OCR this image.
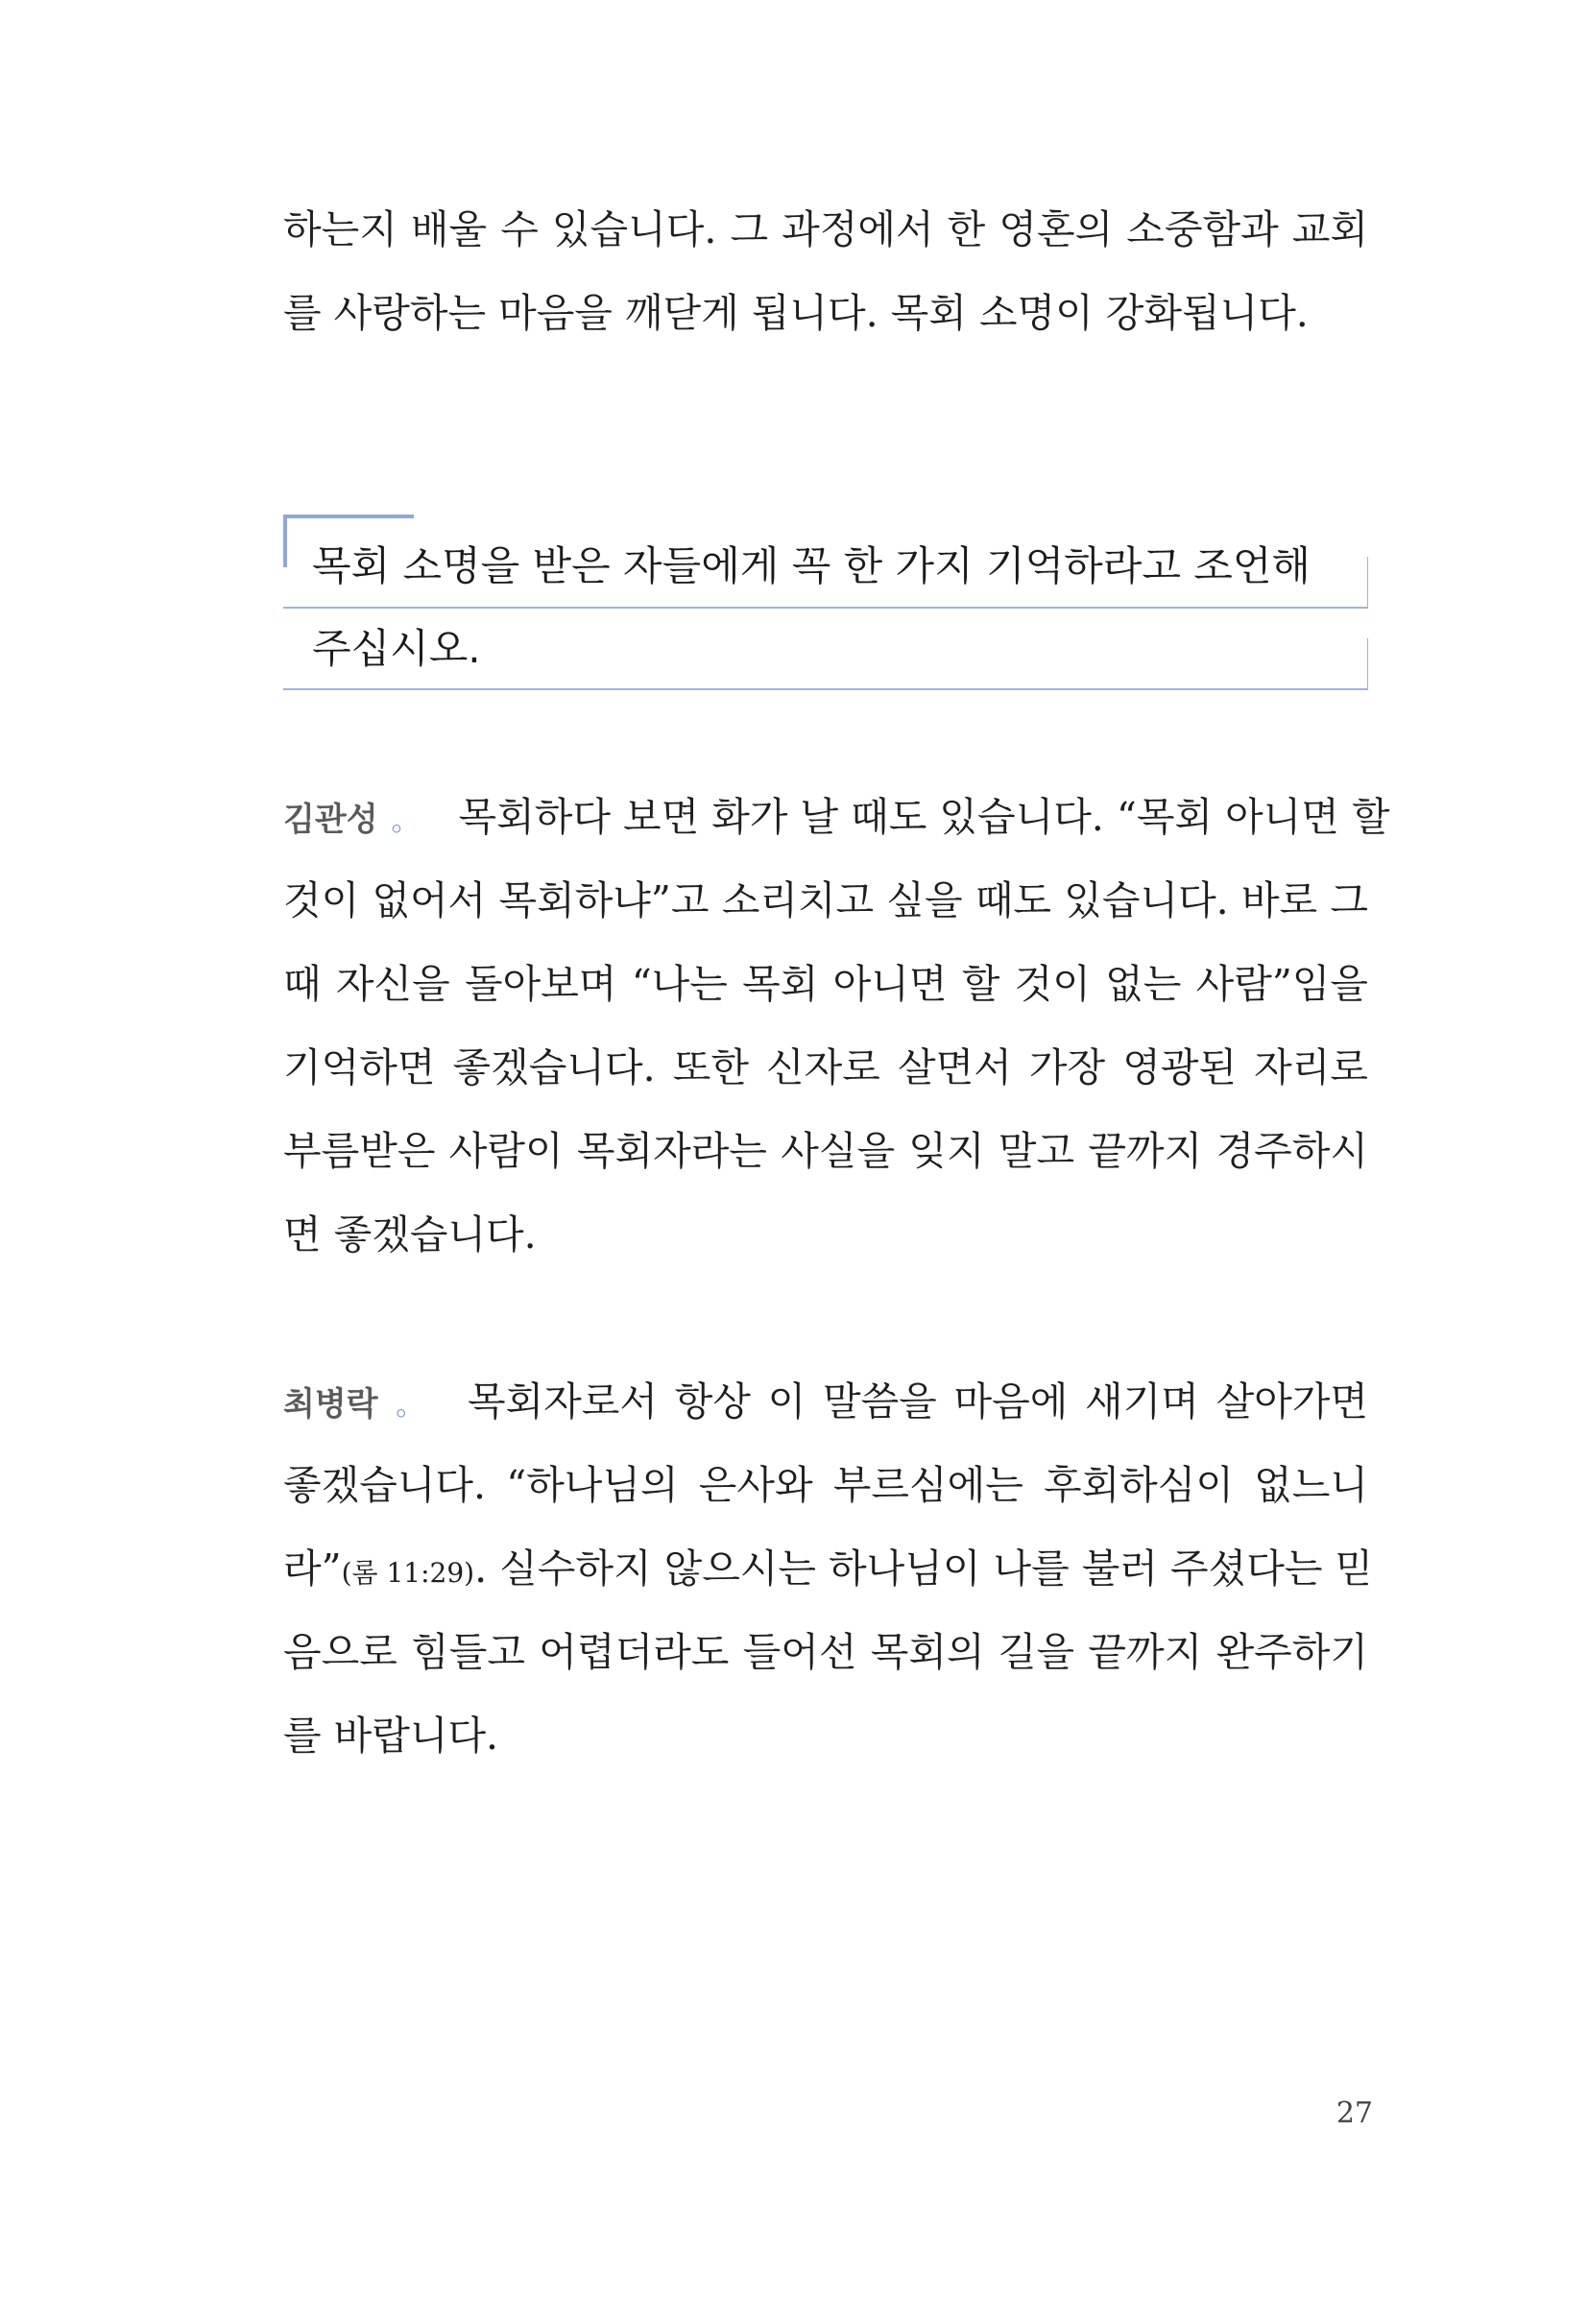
하는지 배울 수 있습니다. 그 과정에서 한 영혼의 소중함과 교회
를 사랑하는 마음을 깨닫게 됩니다. 목회 소명이 강화됩니다.
목회 소명을 받은 자들에게 꼭 한 가지 기억하라고 조언해
주십시오.
김관성 。 목회하다 보면 화가 날 때도 있습니다. “목회 아니면 할
것이 없어서 목회하냐”고 소리치고 싶을 때도 있습니다. 바로 그
때 자신을 돌아보며 “나는 목회 아니면 할 것이 없는 사람”임을
기억하면 좋겠습니다. 또한 신자로 살면서 가장 영광된 자리로
부름받은 사람이 목회자라는 사실을 잊지 말고 끝까지 경주하시
면 좋겠습니다.
최병락 。 목회자로서 항상 이 말씀을 마음에 새기며 살아가면
좋겠습니다. “하나님의 은사와 부르심에는 후회하심이 없느니
라”(롬 11:29). 실수하지 않으시는 하나님이 나를 불러 주셨다는 믿
음으로 힘들고 어렵더라도 들어선 목회의 길을 끝까지 완주하기
를 바랍니다.
27
